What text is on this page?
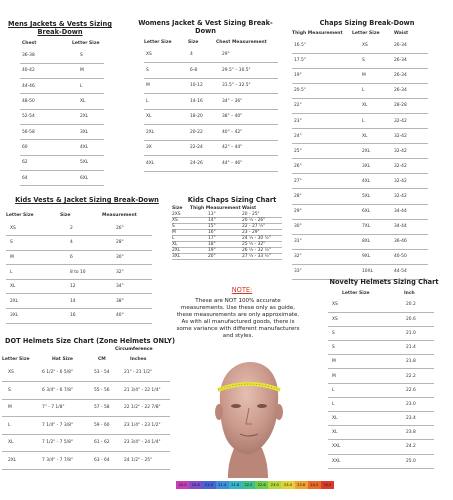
Mens Jackets & Vests Sizing
Break-Down
Chest	Letter Size
36-38	S
40-42	M
44-46	L
48-50	XL
52-54	2XL
56-58	3XL
60	4XL
62	5XL
64	6XL
Womens Jacket & Vest Sizing Break-Down
Letter Size	Size	Chest Measurement
XS	4	29"
S	6-8	29.5" – 30.5"
M	10-12	31.5" – 32.5"
L	14-16	34" – 36"
XL	18-20	38" – 40"
2XL	20-22	40" – 42"
3X	22-24	42" – 44"
4XL	24-26	44" – 46"
Chaps Sizing Break-Down
Thigh Measurement	Letter Size	Waist
16.5"	XS	26-34
17.5"	S	26-34
19"	M	26-34
20.5"	L	26-34
22"	XL	28-28
23"	L	32-42
24"	XL	32-42
25"	2XL	32-42
26"	3XL	32-42
27"	4XL	32-42
28"	5XL	32-42
29"	6XL	34-44
30"	7XL	34-44
31"	8XL	36-46
32"	9XL	40-50
33"	10XL	44-54
Kids Vests & Jacket Sizing Break-Down
Letter Size	Size	Measurement
XS	2	26"
S	4	28"
M	6	30"
L	8 to 10	32"
XL	12	34"
2XL	14	38"
3XL	16	40"
Kids Chaps Sizing Chart
Size	Thigh Measurement	Waist
2XS	13"	20 - 25"
XS	14"	20 ½ - 26"
S	15"	22 - 27 ½"
M	16"	23 - 29"
L	17"	24 ½ - 30 ½"
XL	18"	25 ½ - 32"
2XL	19"	26 ½ - 32 ½"
3XL	20"	27 ½ - 33 ½"
NOTE:
These are NOT 100% accurate measurements. Use these only as guide, these measurements are only approximate. As with all manufactured goods, there is some variance with different manufacturers and styles.
DOT Helmets Size Chart (Zone Helmets ONLY)
Circumference
Letter Size	Hat Size	CM	Inches
XS	6 1/2" - 6 5/8"	53 - 54	21" - 21 1/2"
S	6 3/4" - 6 7/8"	55 - 56	21 3/4" - 22 1/4"
M	7" - 7 1/8"	57 - 58	22 1/2" - 22 7/8"
L	7 1/4" - 7 3/8"	59 - 60	23 1/4" - 23 1/2"
XL	7 1/2" - 7 5/8"	61 - 62	23 3/4" - 24 1/4"
2XL	7 3/4" - 7 7/8"	63 - 64	24 1/2" - 25"
20.2	20.6	21.0	21.4	21.8	22.2	22.6	23.0	23.4	23.8	24.2	25.0
Novelty Helmets Sizing Chart
Letter Size	Inch
XS	20.2
XS	20.6
S	21.0
S	21.4
M	21.8
M	22.2
L	22.6
L	23.0
XL	23.4
XL	23.8
XXL	24.2
XXL	25.0
